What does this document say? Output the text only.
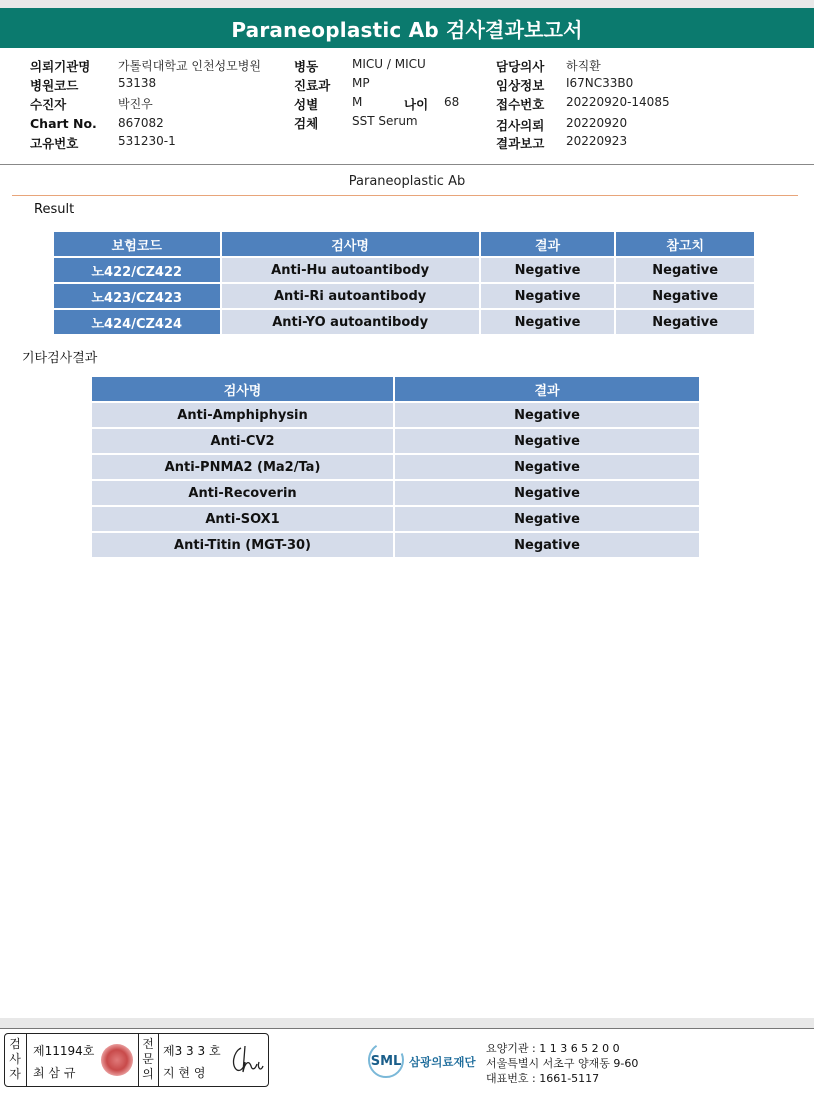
Paraneoplastic Ab 검사결과보고서
의뢰기관명 가톨릭대학교 인천성모병원
병원코드	53138
수진자	박진우
Chart No. 867082
고유번호	531230-1
병동	MICU / MICU
진료과 MP
성별	M	나이 68
검체	SST Serum
담당의사 하직환
임상정보 I67NC33B0
접수번호 20220920-14085
검사의뢰 20220920
결과보고 20220923
Paraneoplastic Ab
Result
보험코드	검사명	결과	참고치
노422/CZ422	Anti-Hu autoantibody	Negative	Negative
노423/CZ423	Anti-Ri autoantibody	Negative	Negative
노424/CZ424	Anti-YO autoantibody	Negative	Negative
기타검사결과
검사명	결과
Anti-Amphiphysin	Negative
Anti-CV2	Negative
Anti-PNMA2 (Ma2/Ta)	Negative
Anti-Recoverin	Negative
Anti-SOX1	Negative
Anti-Titin (MGT-30)	Negative
검사자
제11194호
최 삼 규
전문의
제3 3 3 호
지 현 영
SML 삼광의료재단
요양기관 : 1 1 3 6 5 2 0 0
서울특별시 서초구 양재동 9-60
대표번호 : 1661-5117
